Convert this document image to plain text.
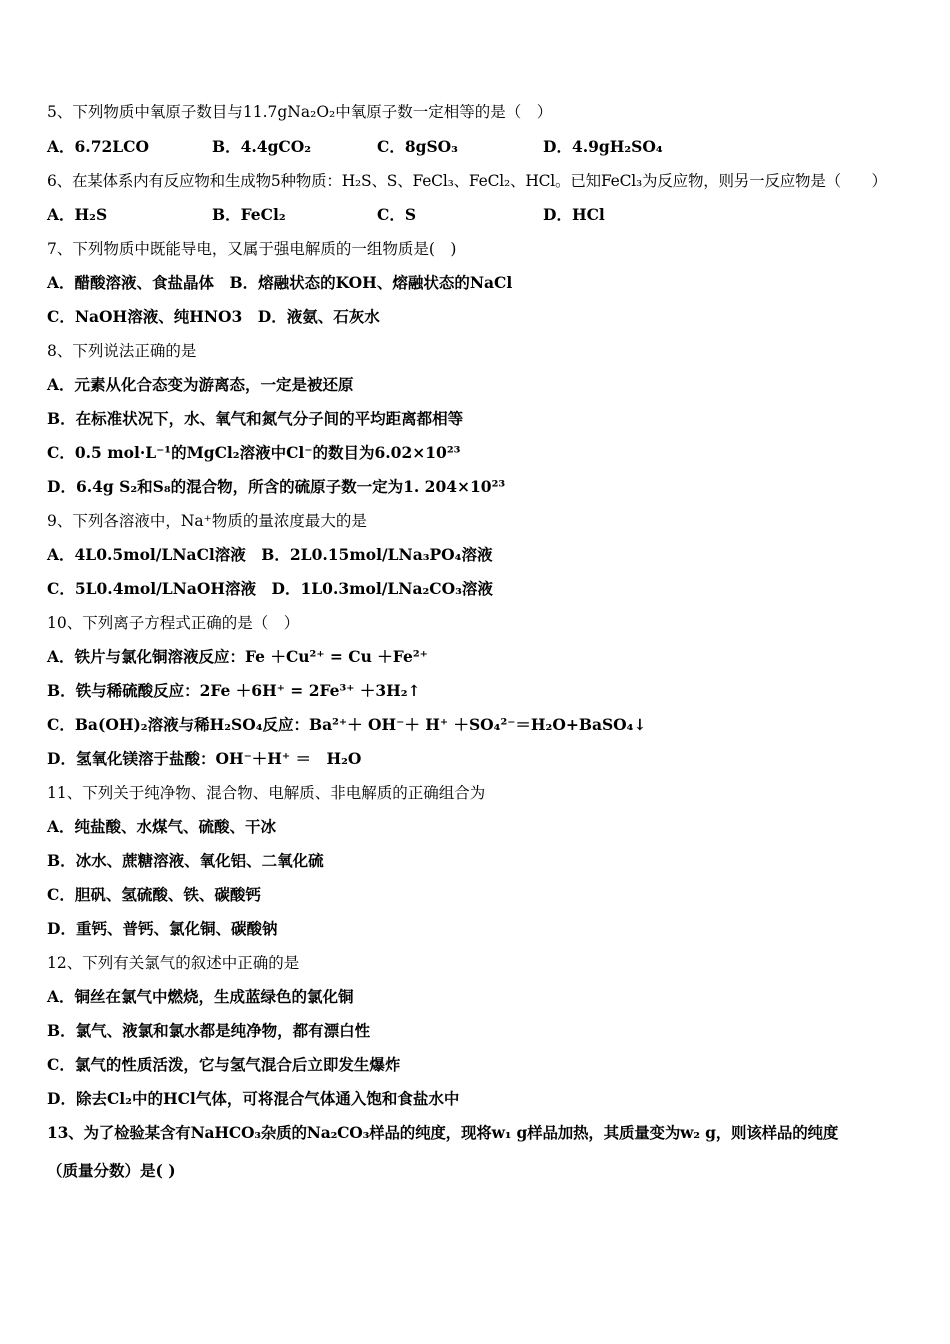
5、下列物质中氧原子数目与11.7gNa₂O₂中氧原子数一定相等的是（　）
A．6.72LCO	B．4.4gCO₂	C．8gSO₃	D．4.9gH₂SO₄
6、在某体系内有反应物和生成物5种物质：H₂S、S、FeCl₃、FeCl₂、HCl。已知FeCl₃为反应物，则另一反应物是（　　）
A．H₂S	B．FeCl₂	C．S	D．HCl
7、下列物质中既能导电，又属于强电解质的一组物质是(　)
A．醋酸溶液、食盐晶体　B．熔融状态的KOH、熔融状态的NaCl
C．NaOH溶液、纯HNO3　D．液氨、石灰水
8、下列说法正确的是
A．元素从化合态变为游离态，一定是被还原
B．在标准状况下，水、氧气和氮气分子间的平均距离都相等
C．0.5 mol·L⁻¹的MgCl₂溶液中Cl⁻的数目为6.02×10²³
D．6.4g S₂和S₈的混合物，所含的硫原子数一定为1. 204×10²³
9、下列各溶液中，Na⁺物质的量浓度最大的是
A．4L0.5mol/LNaCl溶液　B．2L0.15mol/LNa₃PO₄溶液
C．5L0.4mol/LNaOH溶液　D．1L0.3mol/LNa₂CO₃溶液
10、下列离子方程式正确的是（　）
A．铁片与氯化铜溶液反应：Fe ＋Cu²⁺ = Cu ＋Fe²⁺
B．铁与稀硫酸反应：2Fe ＋6H⁺ = 2Fe³⁺ ＋3H₂↑
C．Ba(OH)₂溶液与稀H₂SO₄反应：Ba²⁺＋ OH⁻＋ H⁺ ＋SO₄²⁻＝H₂O+BaSO₄↓
D．氢氧化镁溶于盐酸：OH⁻＋H⁺ ＝　H₂O
11、下列关于纯净物、混合物、电解质、非电解质的正确组合为
A．纯盐酸、水煤气、硫酸、干冰
B．冰水、蔗糖溶液、氧化铝、二氧化硫
C．胆矾、氢硫酸、铁、碳酸钙
D．重钙、普钙、氯化铜、碳酸钠
12、下列有关氯气的叙述中正确的是
A．铜丝在氯气中燃烧，生成蓝绿色的氯化铜
B．氯气、液氯和氯水都是纯净物，都有漂白性
C．氯气的性质活泼，它与氢气混合后立即发生爆炸
D．除去Cl₂中的HCl气体，可将混合气体通入饱和食盐水中
13、为了检验某含有NaHCO₃杂质的Na₂CO₃样品的纯度，现将w₁ g样品加热，其质量变为w₂ g，则该样品的纯度
（质量分数）是( )
